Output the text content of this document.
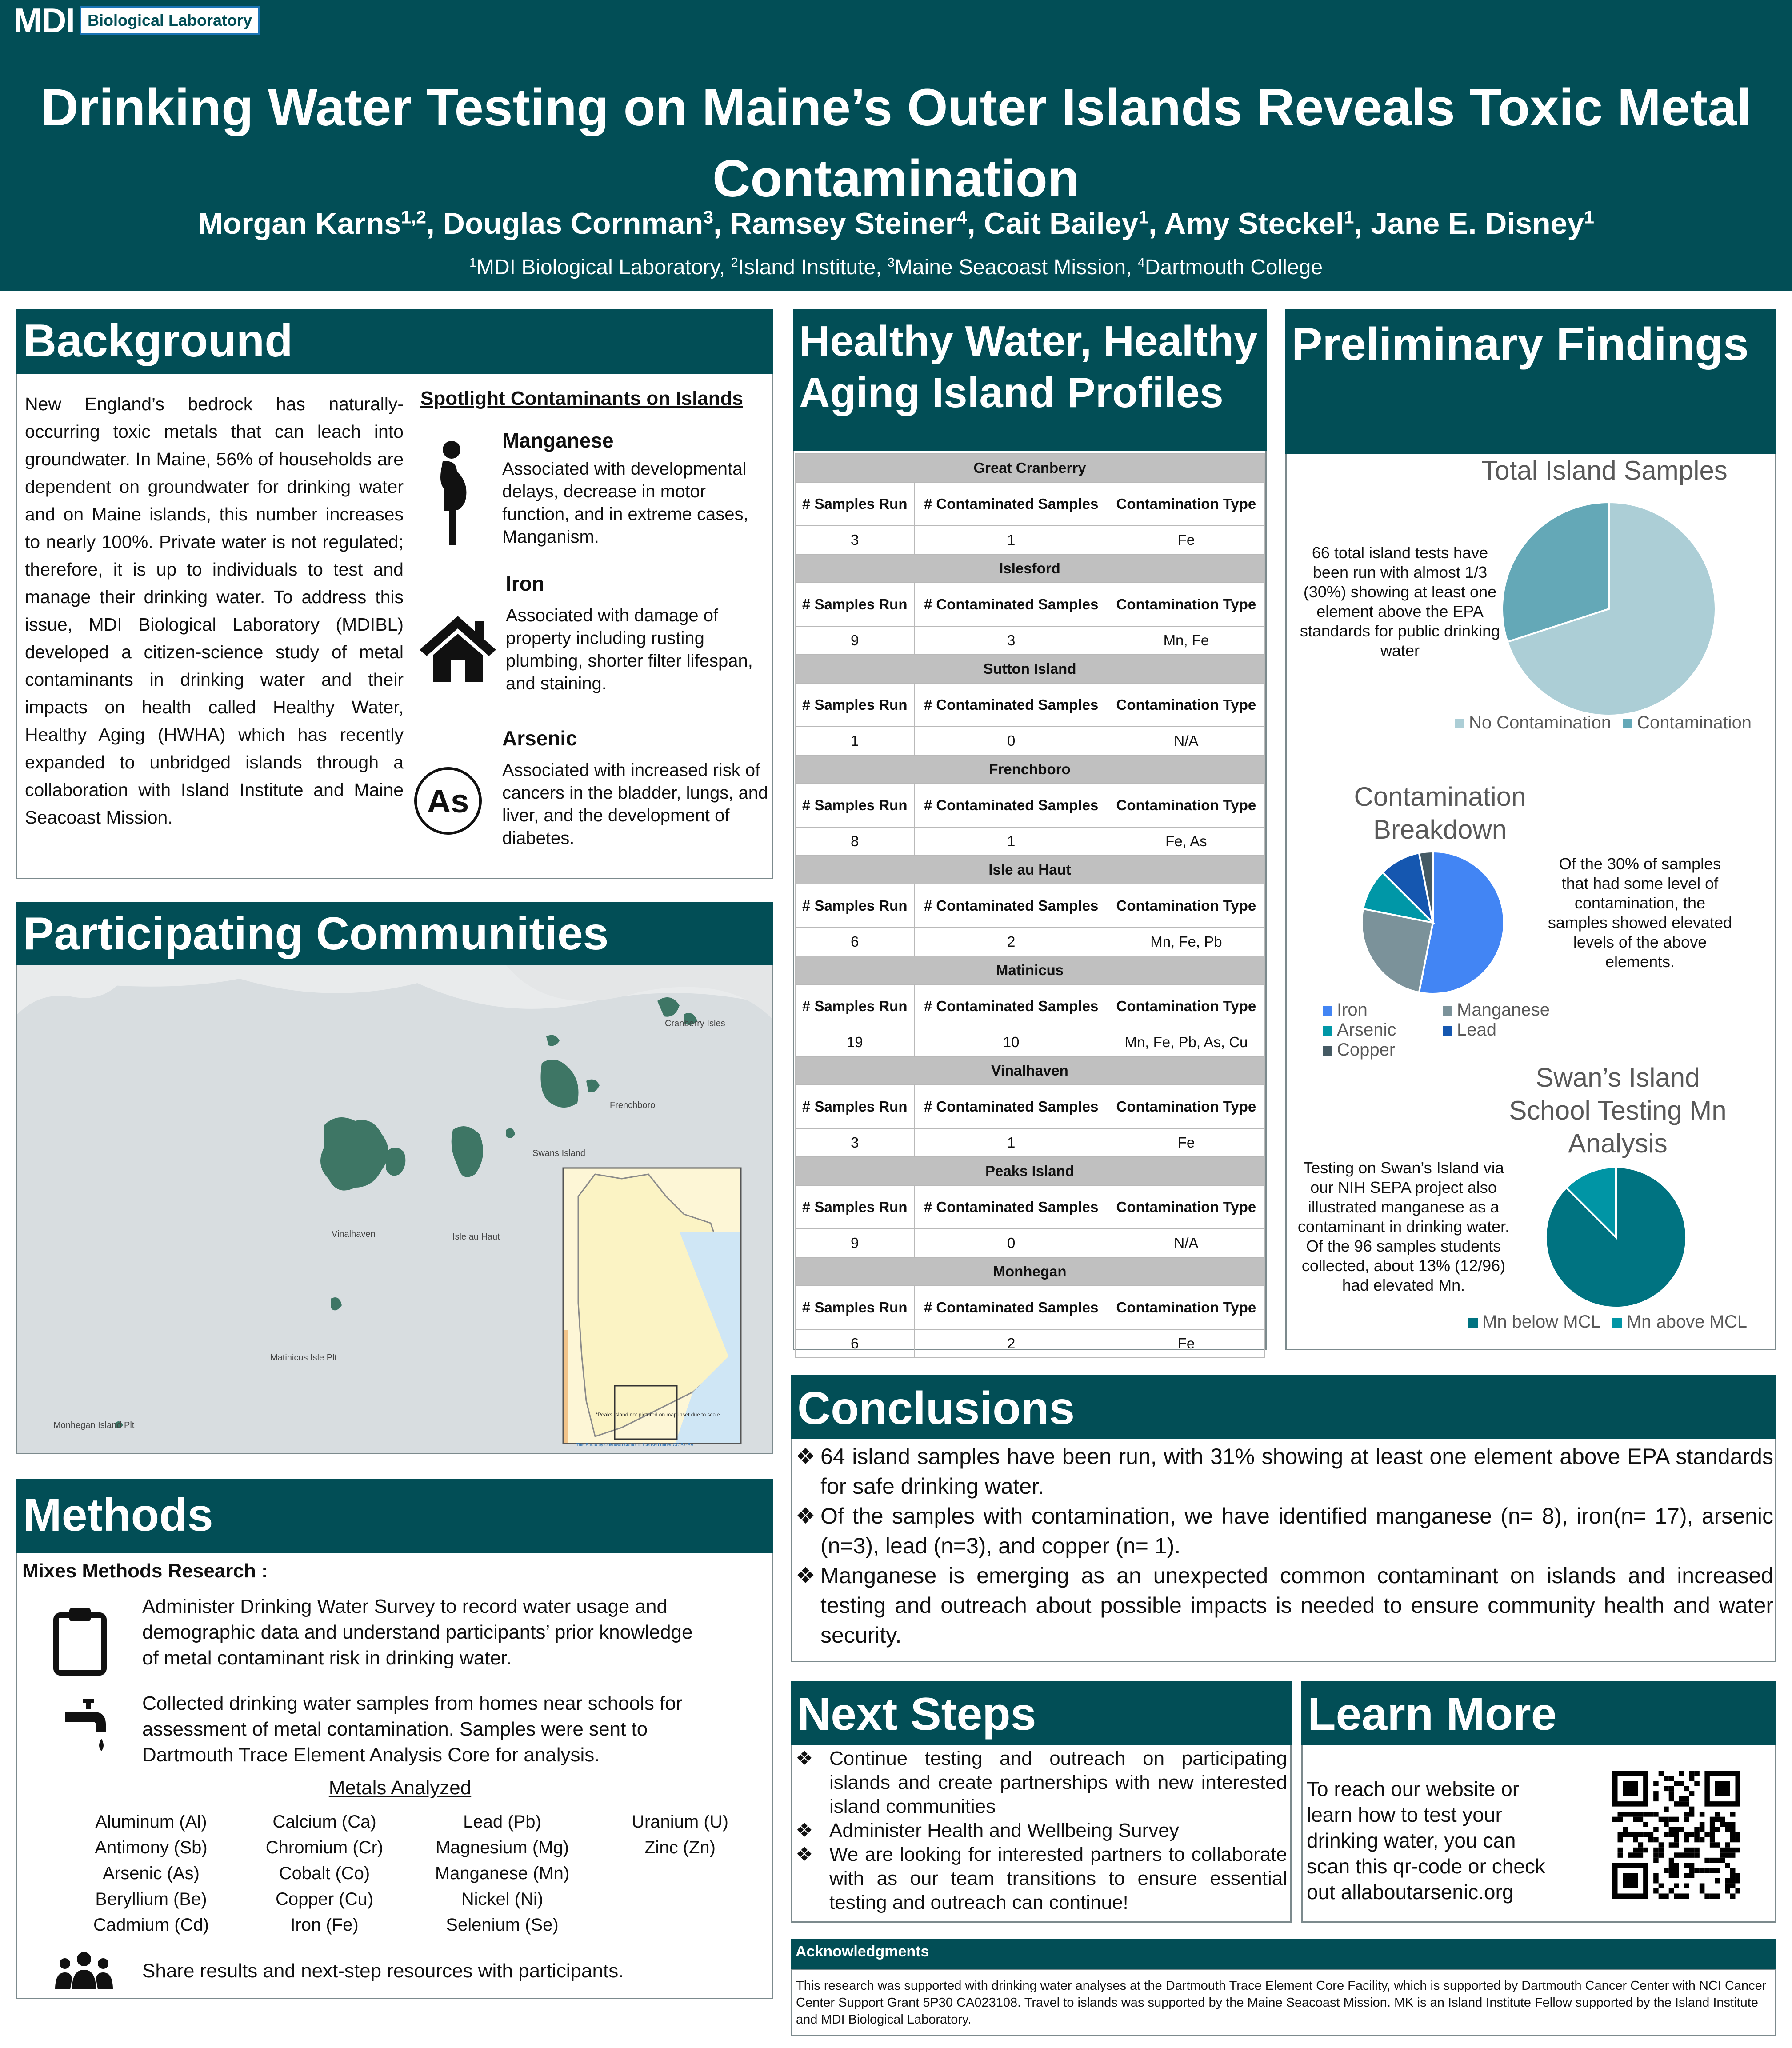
MDI Biological Laboratory
Drinking Water Testing on Maine’s Outer Islands Reveals Toxic Metal Contamination
Morgan Karns$^{1,2}$, Douglas Cornman$^3$, Ramsey Steiner$^4$, Cait Bailey$^1$, Amy Steckel$^1$, Jane E. Disney$^1$
$^1$MDI Biological Laboratory, $^2$Island Institute, $^3$Maine Seacoast Mission, $^4$Dartmouth College
Background
New England’s bedrock has naturally-occurring toxic metals that can leach into groundwater. In Maine, 56% of households are dependent on groundwater for drinking water and on Maine islands, this number increases to nearly 100%. Private water is not regulated; therefore, it is up to individuals to test and manage their drinking water. To address this issue, MDI Biological Laboratory (MDIBL) developed a citizen-science study of metal contaminants in drinking water and their impacts on health called Healthy Water, Healthy Aging (HWHA) which has recently expanded to unbridged islands through a collaboration with Island Institute and Maine Seacoast Mission.
Spotlight Contaminants on Islands
Manganese
Associated with developmental delays, decrease in motor function, and in extreme cases, Manganism.
Iron
Associated with damage of property including rusting plumbing, shorter filter lifespan, and staining.
As
Arsenic
Associated with increased risk of cancers in the bladder, lungs, and liver, and the development of diabetes.
Participating Communities
Cranberry Isles
Frenchboro
Swans Island
Vinalhaven	Isle au Haut
Matinicus Isle Plt
Monhegan Island Plt
*Peaks Island not pictured on map inset due to scale
This Photo by Unknown Author is licensed under CC BY-SA
Methods
Mixes Methods Research :
Administer Drinking Water Survey to record water usage and demographic data and understand participants’ prior knowledge of metal contaminant risk in drinking water.
Collected drinking water samples from homes near schools for assessment of metal contamination. Samples were sent to Dartmouth Trace Element Analysis Core for analysis.
Metals Analyzed
Aluminum (Al)
Antimony (Sb)
Arsenic (As)
Beryllium (Be)
Cadmium (Cd)
Calcium (Ca)
Chromium (Cr)
Cobalt (Co)
Copper (Cu)
Iron (Fe)
Lead (Pb)
Magnesium (Mg)
Manganese (Mn)
Nickel (Ni)
Selenium (Se)
Uranium (U)
Zinc (Zn)
Share results and next-step resources with participants.
Healthy Water, Healthy Aging Island Profiles
Great Cranberry		
# Samples Run	# Contaminated Samples	Contamination Type
3	1	Fe
Islesford		
# Samples Run	# Contaminated Samples	Contamination Type
9	3	Mn, Fe
Sutton Island		
# Samples Run	# Contaminated Samples	Contamination Type
1	0	N/A
Frenchboro		
# Samples Run	# Contaminated Samples	Contamination Type
8	1	Fe, As
Isle au Haut		
# Samples Run	# Contaminated Samples	Contamination Type
6	2	Mn, Fe, Pb
Matinicus		
# Samples Run	# Contaminated Samples	Contamination Type
19	10	Mn, Fe, Pb, As, Cu
Vinalhaven		
# Samples Run	# Contaminated Samples	Contamination Type
3	1	Fe
Peaks Island		
# Samples Run	# Contaminated Samples	Contamination Type
9	0	N/A
Monhegan		
# Samples Run	# Contaminated Samples	Contamination Type
6	2	Fe
Preliminary Findings
Total Island Samples
66 total island tests have been run with almost 1/3 (30%) showing at least one element above the EPA standards for public drinking water
No Contamination Contamination
Contamination Breakdown
Of the 30% of samples that had some level of contamination, the samples showed elevated levels of the above elements.
Iron	ManganeseArsenic	LeadCopper
Swan’s Island School Testing Mn Analysis
Testing on Swan’s Island via our NIH SEPA project also illustrated manganese as a contaminant in drinking water. Of the 96 samples students collected, about 13% (12/96) had elevated Mn.
Mn below MCL Mn above MCL
Conclusions
❖ 64 island samples have been run, with 31% showing at least one element above EPA standards for safe drinking water.
❖ Of the samples with contamination, we have identified manganese (n= 8), iron(n= 17), arsenic (n=3), lead (n=3), and copper (n= 1).
❖ Manganese is emerging as an unexpected common contaminant on islands and increased testing and outreach about possible impacts is needed to ensure community health and water security.
Next Steps
❖ Continue testing and outreach on participating islands and create partnerships with new interested island communities
❖ Administer Health and Wellbeing Survey
❖ We are looking for interested partners to collaborate with as our team transitions to ensure essential testing and outreach can continue!
Learn More
To reach our website or learn how to test your drinking water, you can scan this qr-code or check out allaboutarsenic.org
Acknowledgments
This research was supported with drinking water analyses at the Dartmouth Trace Element Core Facility, which is supported by Dartmouth Cancer Center with NCI Cancer Center Support Grant 5P30 CA023108. Travel to islands was supported by the Maine Seacoast Mission. MK is an Island Institute Fellow supported by the Island Institute and MDI Biological Laboratory.
